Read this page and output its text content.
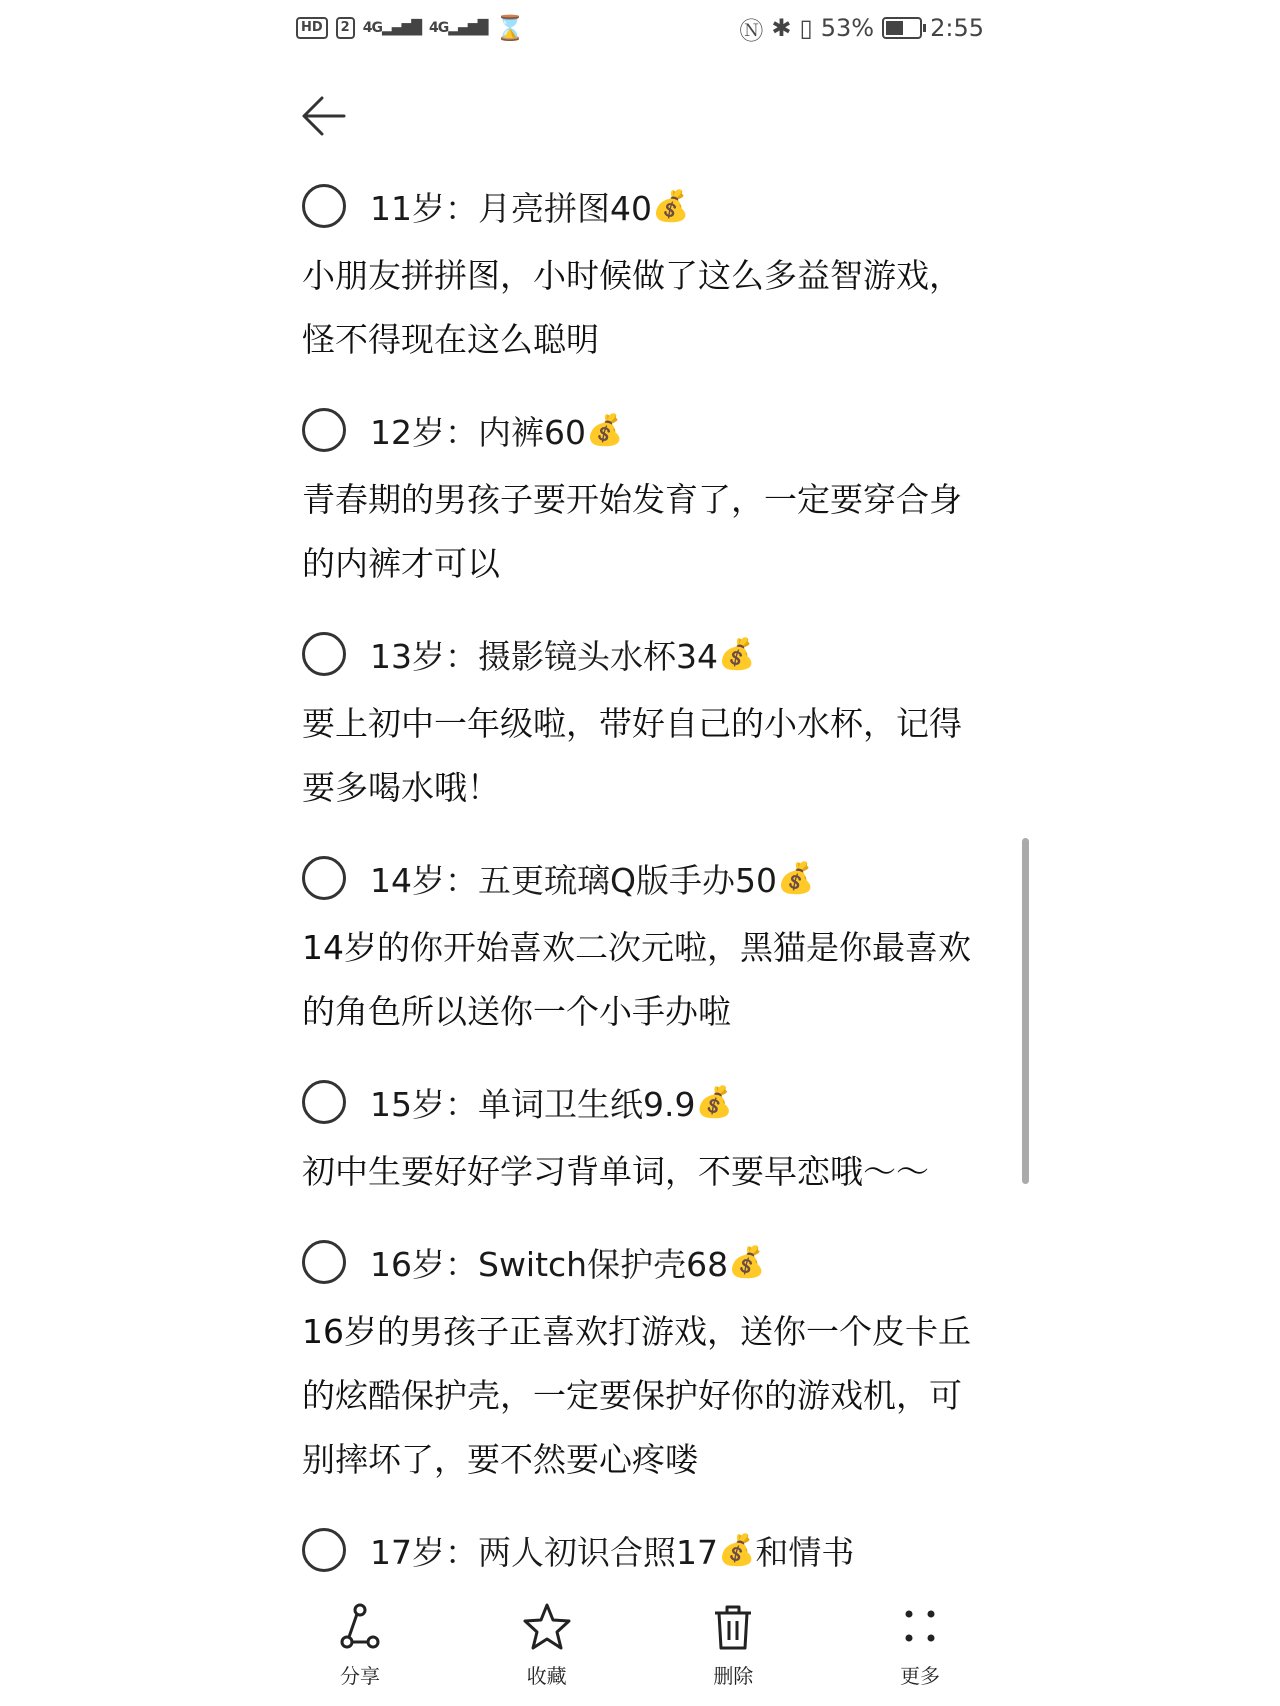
HD	2 4G▂▄▆█ 4G▂▄▆█ ⌛	Ⓝ ✱ ▯ 53% 2:55
11岁：月亮拼图40 💰
小朋友拼拼图，小时候做了这么多益智游戏，怪不得现在这么聪明
12岁：内裤60 💰
青春期的男孩子要开始发育了，一定要穿合身的内裤才可以
13岁：摄影镜头水杯34 💰
要上初中一年级啦，带好自己的小水杯，记得要多喝水哦！
14岁：五更琉璃Q版手办50 💰
14岁的你开始喜欢二次元啦，黑猫是你最喜欢的角色所以送你一个小手办啦
15岁：单词卫生纸9.9 💰
初中生要好好学习背单词，不要早恋哦～～
16岁：Switch保护壳68 💰
16岁的男孩子正喜欢打游戏，送你一个皮卡丘的炫酷保护壳，一定要保护好你的游戏机，可别摔坏了，要不然要心疼喽
17岁：两人初识合照17 💰 和情书
分享	收藏	删除	更多
